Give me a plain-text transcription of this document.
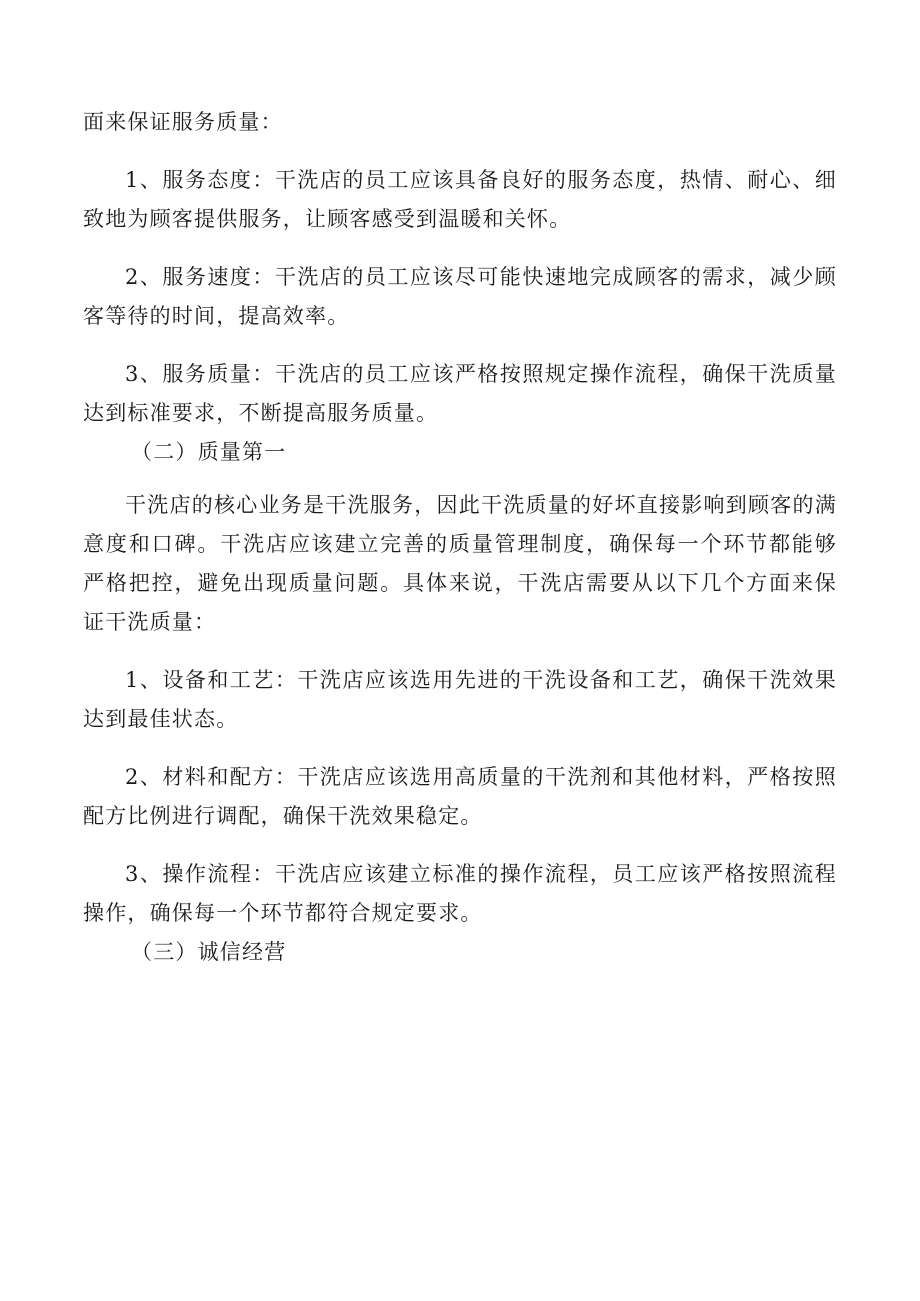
面来保证服务质量：

1、服务态度：干洗店的员工应该具备良好的服务态度，热情、耐心、细致地为顾客提供服务，让顾客感受到温暖和关怀。

2、服务速度：干洗店的员工应该尽可能快速地完成顾客的需求，减少顾客等待的时间，提高效率。

3、服务质量：干洗店的员工应该严格按照规定操作流程，确保干洗质量达到标准要求，不断提高服务质量。

（二）质量第一

干洗店的核心业务是干洗服务，因此干洗质量的好坏直接影响到顾客的满意度和口碑。干洗店应该建立完善的质量管理制度，确保每一个环节都能够严格把控，避免出现质量问题。具体来说，干洗店需要从以下几个方面来保证干洗质量：

1、设备和工艺：干洗店应该选用先进的干洗设备和工艺，确保干洗效果达到最佳状态。

2、材料和配方：干洗店应该选用高质量的干洗剂和其他材料，严格按照配方比例进行调配，确保干洗效果稳定。

3、操作流程：干洗店应该建立标准的操作流程，员工应该严格按照流程操作，确保每一个环节都符合规定要求。

（三）诚信经营
